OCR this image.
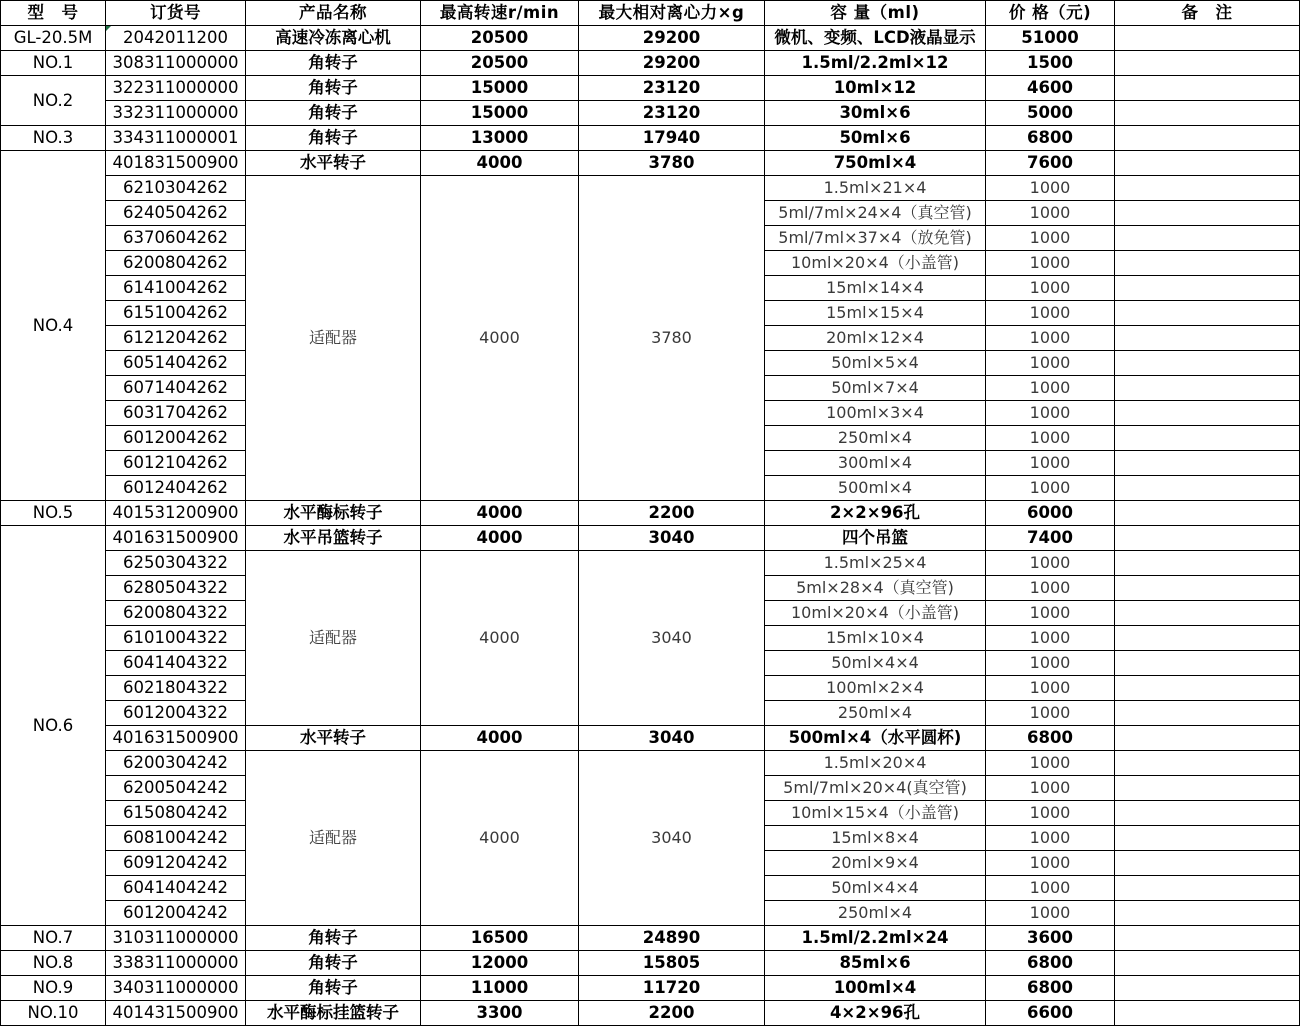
型　号	订货号	产品名称	最高转速r/min	最大相对离心力×g	容 量（ml)	价 格（元)	备　注
GL-20.5M	2042011200	高速冷冻离心机	20500	29200	微机、变频、LCD液晶显示	51000	
NO.1	308311000000	角转子	20500	29200	1.5ml/2.2ml×12	1500	
NO.2	322311000000	角转子	15000	23120	10ml×12	4600	
	332311000000	角转子	15000	23120	30ml×6	5000	
NO.3	334311000001	角转子	13000	17940	50ml×6	6800	
NO.4	401831500900	水平转子	4000	3780	750ml×4	7600	
	6210304262	适配器	4000	3780	1.5ml×21×4	1000	
	6240504262				5ml/7ml×24×4（真空管)	1000	
	6370604262				5ml/7ml×37×4（放免管)	1000	
	6200804262				10ml×20×4（小盖管)	1000	
	6141004262				15ml×14×4	1000	
	6151004262				15ml×15×4	1000	
	6121204262				20ml×12×4	1000	
	6051404262				50ml×5×4	1000	
	6071404262				50ml×7×4	1000	
	6031704262				100ml×3×4	1000	
	6012004262				250ml×4	1000	
	6012104262				300ml×4	1000	
	6012404262				500ml×4	1000	
NO.5	401531200900	水平酶标转子	4000	2200	2×2×96孔	6000	
NO.6	401631500900	水平吊篮转子	4000	3040	四个吊篮	7400	
	6250304322	适配器	4000	3040	1.5ml×25×4	1000	
	6280504322				5ml×28×4（真空管)	1000	
	6200804322				10ml×20×4（小盖管)	1000	
	6101004322				15ml×10×4	1000	
	6041404322				50ml×4×4	1000	
	6021804322				100ml×2×4	1000	
	6012004322				250ml×4	1000	
	401631500900	水平转子	4000	3040	500ml×4（水平圆杯)	6800	
	6200304242	适配器	4000	3040	1.5ml×20×4	1000	
	6200504242				5ml/7ml×20×4(真空管)	1000	
	6150804242				10ml×15×4（小盖管)	1000	
	6081004242				15ml×8×4	1000	
	6091204242				20ml×9×4	1000	
	6041404242				50ml×4×4	1000	
	6012004242				250ml×4	1000	
NO.7	310311000000	角转子	16500	24890	1.5ml/2.2ml×24	3600	
NO.8	338311000000	角转子	12000	15805	85ml×6	6800	
NO.9	340311000000	角转子	11000	11720	100ml×4	6800	
NO.10	401431500900	水平酶标挂篮转子	3300	2200	4×2×96孔	6600	
